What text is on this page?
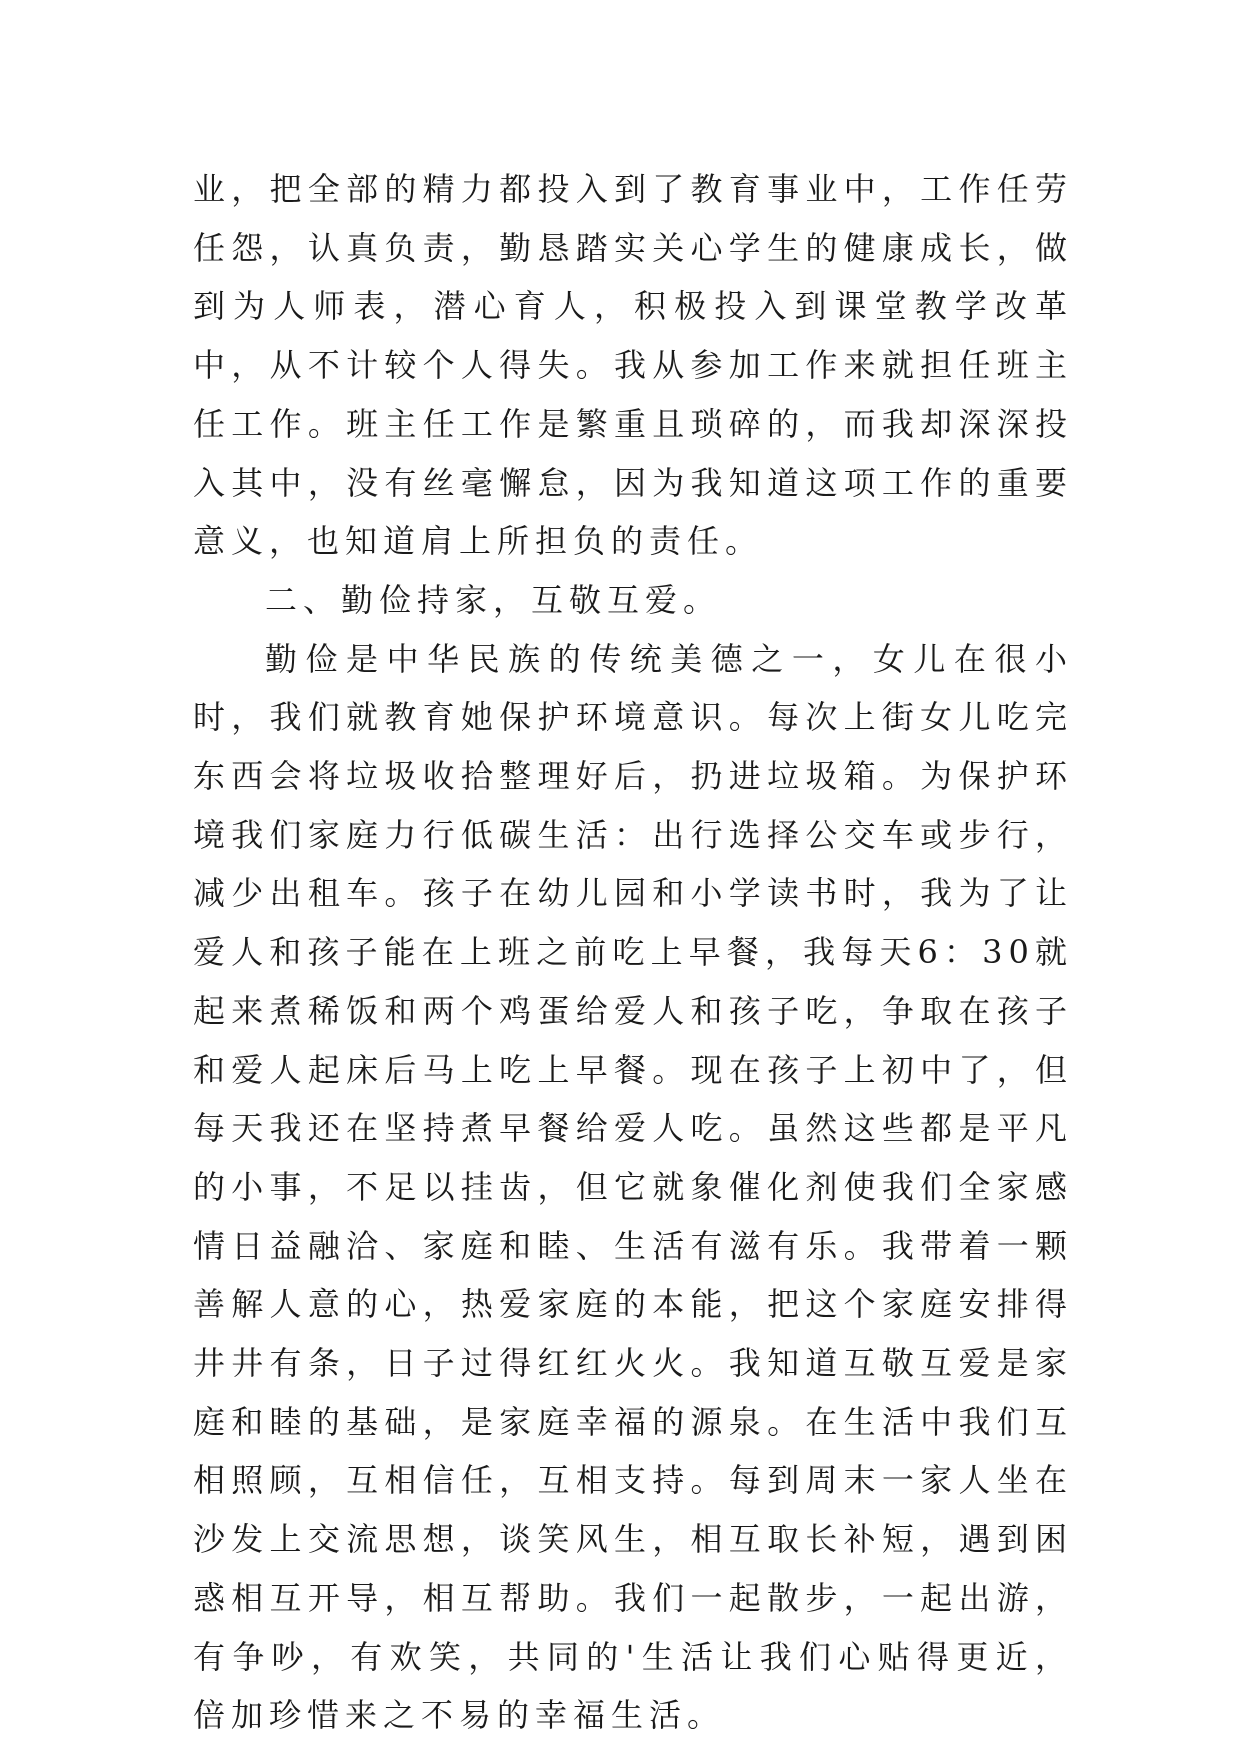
业，把全部的精力都投入到了教育事业中，工作任劳任怨，认真负责，勤恳踏实关心学生的健康成长，做到为人师表，潜心育人，积极投入到课堂教学改革中，从不计较个人得失。我从参加工作来就担任班主任工作。班主任工作是繁重且琐碎的，而我却深深投入其中，没有丝毫懈怠，因为我知道这项工作的重要意义，也知道肩上所担负的责任。

二、勤俭持家，互敬互爱。

勤俭是中华民族的传统美德之一，女儿在很小时，我们就教育她保护环境意识。每次上街女儿吃完东西会将垃圾收拾整理好后，扔进垃圾箱。为保护环境我们家庭力行低碳生活：出行选择公交车或步行，减少出租车。孩子在幼儿园和小学读书时，我为了让爱人和孩子能在上班之前吃上早餐，我每天6：30就起来煮稀饭和两个鸡蛋给爱人和孩子吃，争取在孩子和爱人起床后马上吃上早餐。现在孩子上初中了，但每天我还在坚持煮早餐给爱人吃。虽然这些都是平凡的小事，不足以挂齿，但它就象催化剂使我们全家感情日益融洽、家庭和睦、生活有滋有乐。我带着一颗善解人意的心，热爱家庭的本能，把这个家庭安排得井井有条，日子过得红红火火。我知道互敬互爱是家庭和睦的基础，是家庭幸福的源泉。在生活中我们互相照顾，互相信任，互相支持。每到周末一家人坐在沙发上交流思想，谈笑风生，相互取长补短，遇到困惑相互开导，相互帮助。我们一起散步，一起出游，有争吵，有欢笑，共同的'生活让我们心贴得更近，倍加珍惜来之不易的幸福生活。
